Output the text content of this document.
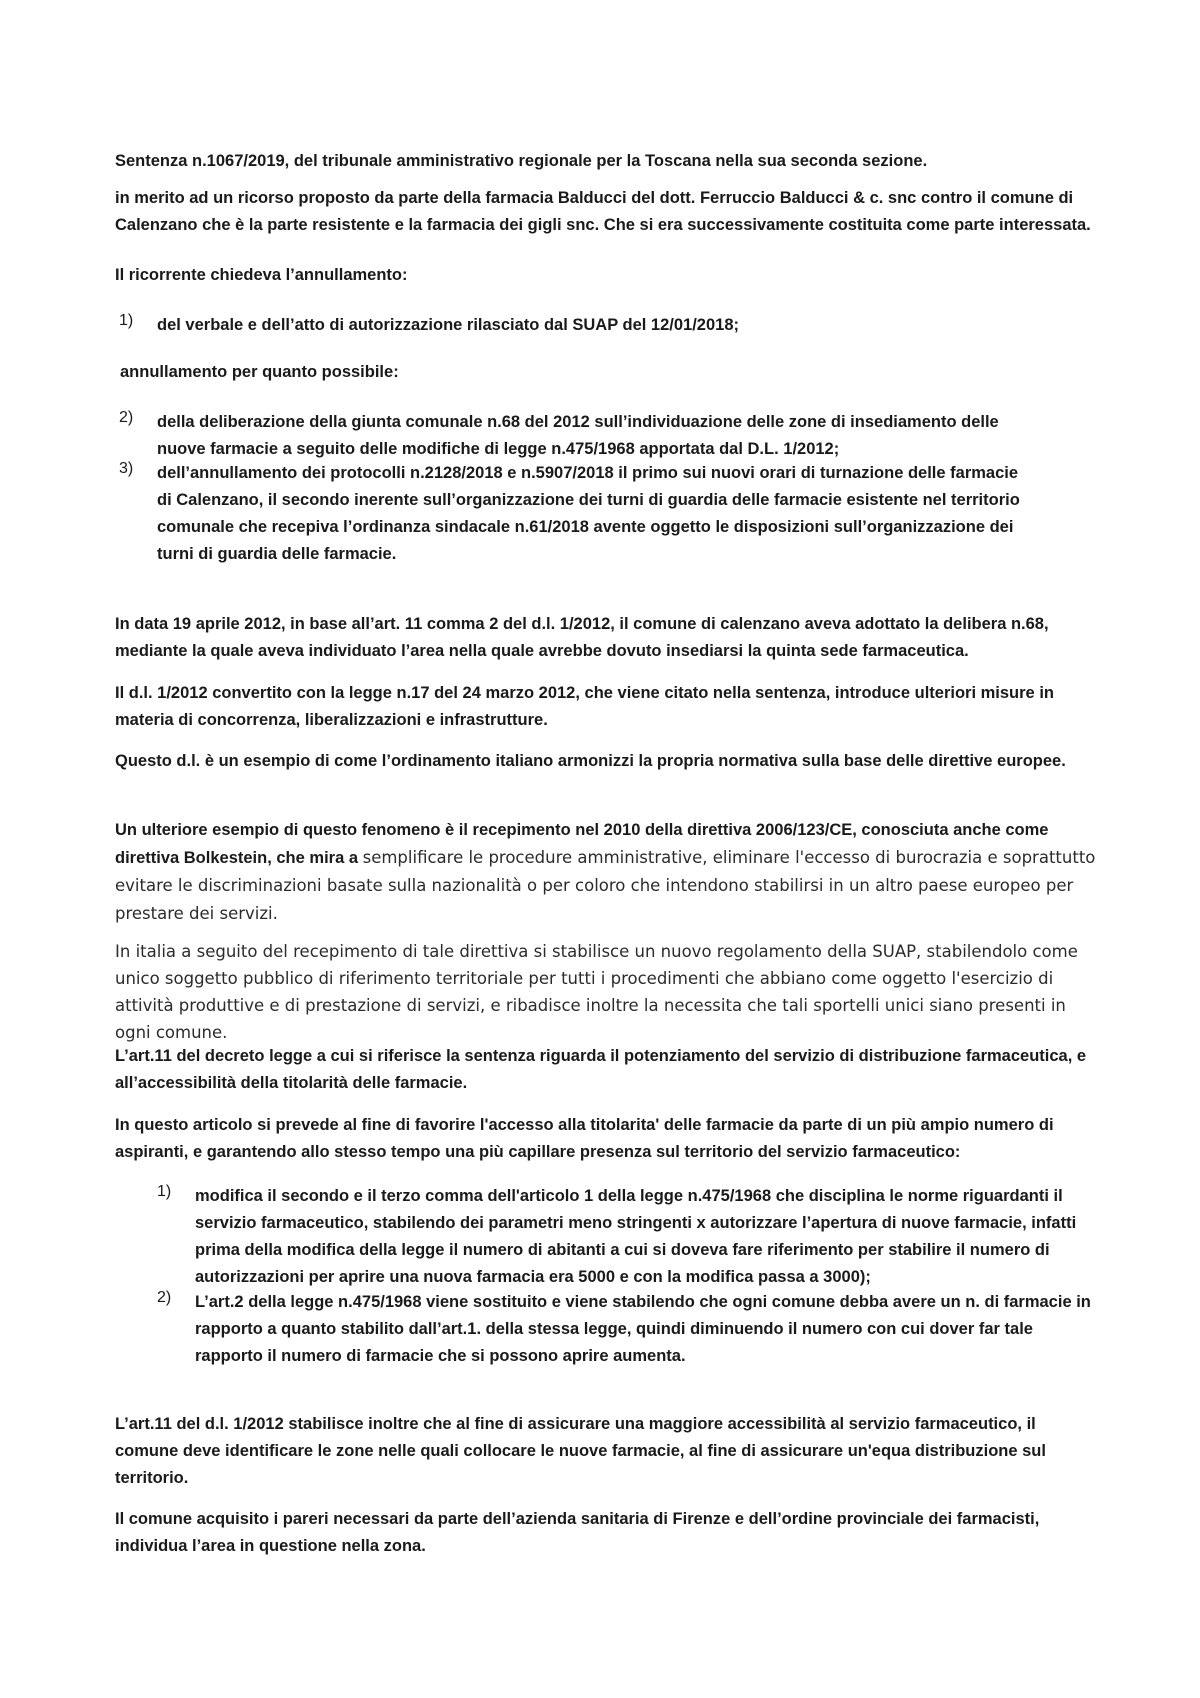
Sentenza n.1067/2019, del tribunale amministrativo regionale per la Toscana nella sua seconda sezione.

in merito ad un ricorso proposto da parte della farmacia Balducci del dott. Ferruccio Balducci & c. snc contro il comune di Calenzano che è la parte resistente e la farmacia dei gigli snc. Che si era successivamente costituita come parte interessata.

Il ricorrente chiedeva l’annullamento:

1) del verbale e dell’atto di autorizzazione rilasciato dal SUAP del 12/01/2018;

annullamento per quanto possibile:

2) della deliberazione della giunta comunale n.68 del 2012 sull’individuazione delle zone di insediamento delle nuove farmacie a seguito delle modifiche di legge n.475/1968 apportata dal D.L. 1/2012;

3) dell’annullamento dei protocolli n.2128/2018 e n.5907/2018 il primo sui nuovi orari di turnazione delle farmacie di Calenzano, il secondo inerente sull’organizzazione dei turni di guardia delle farmacie esistente nel territorio comunale che recepiva l’ordinanza sindacale n.61/2018 avente oggetto le disposizioni sull’organizzazione dei turni di guardia delle farmacie.

In data 19 aprile 2012, in base all’art. 11 comma 2 del d.l. 1/2012, il comune di calenzano aveva adottato la delibera n.68, mediante la quale aveva individuato l’area nella quale avrebbe dovuto insediarsi la quinta sede farmaceutica.

Il d.l. 1/2012 convertito con la legge n.17 del 24 marzo 2012, che viene citato nella sentenza, introduce ulteriori misure in materia di concorrenza, liberalizzazioni e infrastrutture.

Questo d.l. è un esempio di come l’ordinamento italiano armonizzi la propria normativa sulla base delle direttive europee.

Un ulteriore esempio di questo fenomeno è il recepimento nel 2010 della direttiva 2006/123/CE, conosciuta anche come direttiva Bolkestein, che mira a semplificare le procedure amministrative, eliminare l'eccesso di burocrazia e soprattutto evitare le discriminazioni basate sulla nazionalità o per coloro che intendono stabilirsi in un altro paese europeo per prestare dei servizi.

In italia a seguito del recepimento di tale direttiva si stabilisce un nuovo regolamento della SUAP, stabilendolo come unico soggetto pubblico di riferimento territoriale per tutti i procedimenti che abbiano come oggetto l'esercizio di attività produttive e di prestazione di servizi, e ribadisce inoltre la necessita che tali sportelli unici siano presenti in ogni comune.

L’art.11 del decreto legge a cui si riferisce la sentenza riguarda il potenziamento del servizio di distribuzione farmaceutica, e all’accessibilità della titolarità delle farmacie.

In questo articolo si prevede al fine di favorire l'accesso alla titolarita' delle farmacie da parte di un più ampio numero di aspiranti, e garantendo allo stesso tempo una più capillare presenza sul territorio del servizio farmaceutico:

1) modifica il secondo e il terzo comma dell'articolo 1 della legge n.475/1968 che disciplina le norme riguardanti il servizio farmaceutico, stabilendo dei parametri meno stringenti x autorizzare l’apertura di nuove farmacie, infatti prima della modifica della legge il numero di abitanti a cui si doveva fare riferimento per stabilire il numero di autorizzazioni per aprire una nuova farmacia era 5000 e con la modifica passa a 3000);

2) L’art.2 della legge n.475/1968 viene sostituito e viene stabilendo che ogni comune debba avere un n. di farmacie in rapporto a quanto stabilito dall’art.1. della stessa legge, quindi diminuendo il numero con cui dover far tale rapporto il numero di farmacie che si possono aprire aumenta.

L’art.11 del d.l. 1/2012 stabilisce inoltre che al fine di assicurare una maggiore accessibilità al servizio farmaceutico, il comune deve identificare le zone nelle quali collocare le nuove farmacie, al fine di assicurare un'equa distribuzione sul territorio.

Il comune acquisito i pareri necessari da parte dell’azienda sanitaria di Firenze e dell’ordine provinciale dei farmacisti, individua l’area in questione nella zona.
